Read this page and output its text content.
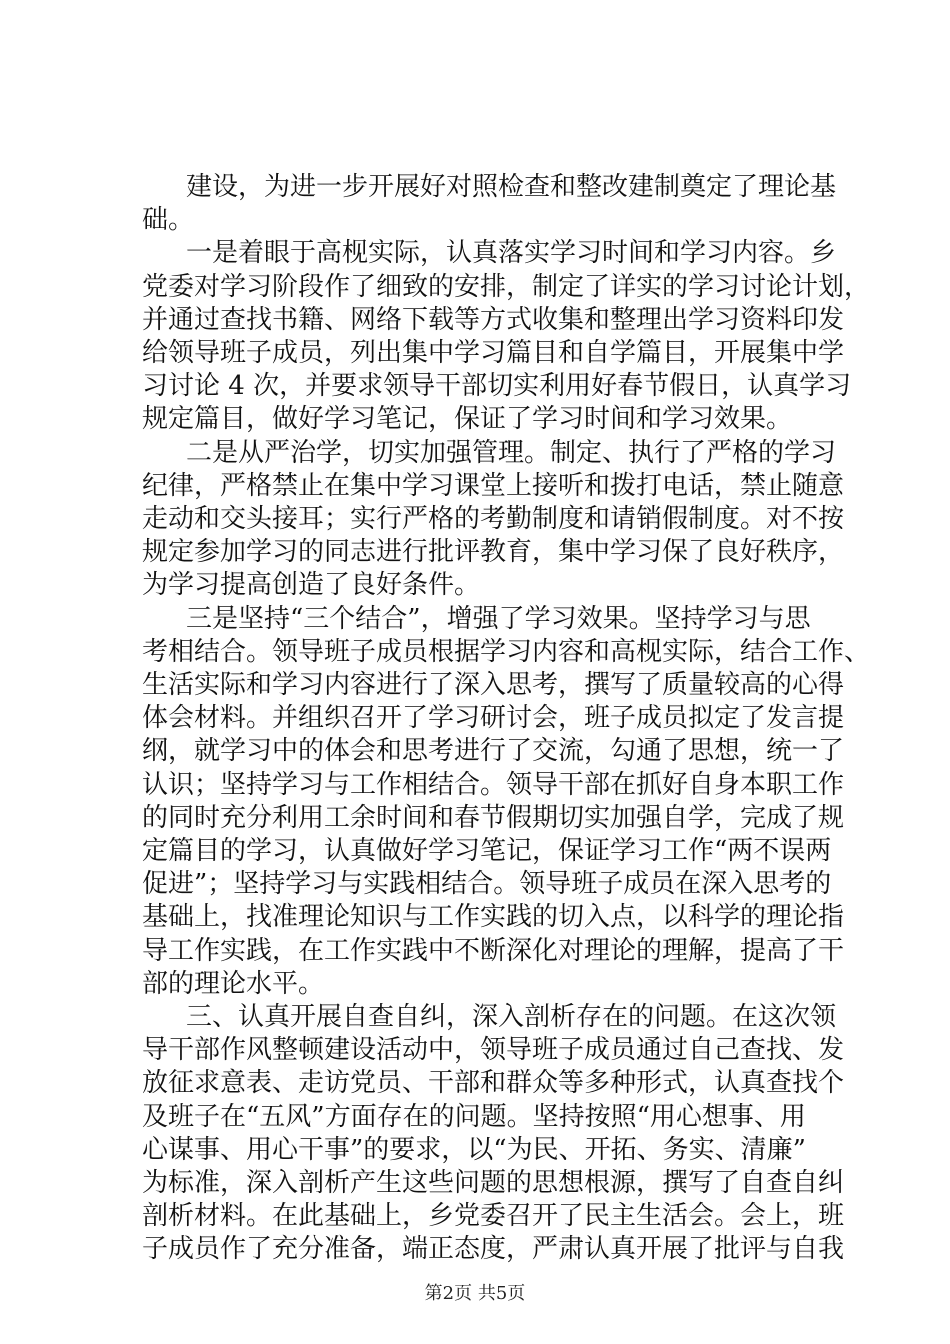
建设，为进一步开展好对照检查和整改建制奠定了理论基
础。
一是着眼于高枧实际，认真落实学习时间和学习内容。乡
党委对学习阶段作了细致的安排，制定了详实的学习讨论计划，
并通过查找书籍、网络下载等方式收集和整理出学习资料印发
给领导班子成员，列出集中学习篇目和自学篇目，开展集中学
习讨论 4 次，并要求领导干部切实利用好春节假日，认真学习
规定篇目，做好学习笔记，保证了学习时间和学习效果。
二是从严治学，切实加强管理。制定、执行了严格的学习
纪律，严格禁止在集中学习课堂上接听和拨打电话，禁止随意
走动和交头接耳；实行严格的考勤制度和请销假制度。对不按
规定参加学习的同志进行批评教育，集中学习保了良好秩序，
为学习提高创造了良好条件。
三是坚持“三个结合”，增强了学习效果。坚持学习与思
考相结合。领导班子成员根据学习内容和高枧实际，结合工作、
生活实际和学习内容进行了深入思考，撰写了质量较高的心得
体会材料。并组织召开了学习研讨会，班子成员拟定了发言提
纲，就学习中的体会和思考进行了交流，勾通了思想，统一了
认识；坚持学习与工作相结合。领导干部在抓好自身本职工作
的同时充分利用工余时间和春节假期切实加强自学，完成了规
定篇目的学习，认真做好学习笔记，保证学习工作“两不误两
促进”；坚持学习与实践相结合。领导班子成员在深入思考的
基础上，找准理论知识与工作实践的切入点，以科学的理论指
导工作实践，在工作实践中不断深化对理论的理解，提高了干
部的理论水平。
三、认真开展自查自纠，深入剖析存在的问题。在这次领
导干部作风整顿建设活动中，领导班子成员通过自己查找、发
放征求意表、走访党员、干部和群众等多种形式，认真查找个
及班子在“五风”方面存在的问题。坚持按照“用心想事、用
心谋事、用心干事”的要求，以“为民、开拓、务实、清廉”
为标准，深入剖析产生这些问题的思想根源，撰写了自查自纠
剖析材料。在此基础上，乡党委召开了民主生活会。会上，班
子成员作了充分准备，端正态度，严肃认真开展了批评与自我
第2页 共5页
